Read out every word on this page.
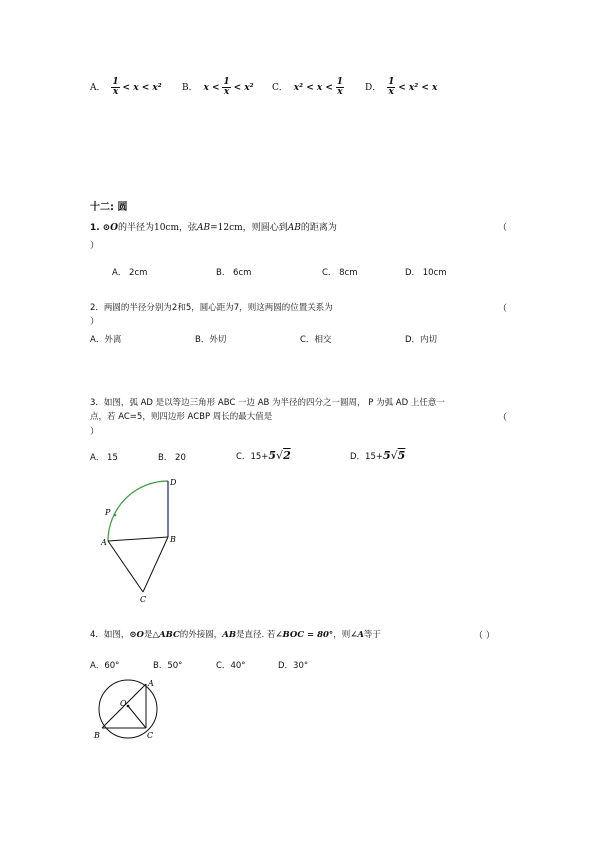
A． $\frac{1}{x} < x < x^2$ B． $x < \frac{1}{x} < x^2$ C． $x^2 < x < \frac{1}{x}$ D． $\frac{1}{x} < x^2 < x$
十二: 圆
1. ⊙O的半径为10cm，弦AB=12cm，则圆心到AB的距离为	（
）
A． 2cm	B． 6cm	C． 8cm	D． 10cm
2．两圆的半径分别为2和5，圆心距为7，则这两圆的位置关系为	（
）
A．外离	B．外切	C．相交	D．内切
3．如图，弧 AD 是以等边三角形 ABC 一边 AB 为半径的四分之一圆周， P 为弧 AD 上任意一
点，若 AC=5，则四边形 ACBP 周长的最大值是	（
）
A． 15	B． 20	C．15+5√2	D．15+5√5
A	B
C
D
P
4．如图，⊙O是△ABC的外接圆，AB是直径. 若∠BOC = 80°，则∠A等于	（ ）
A．60°	B．50°	C．40°	D．30°
A
B	C
O
